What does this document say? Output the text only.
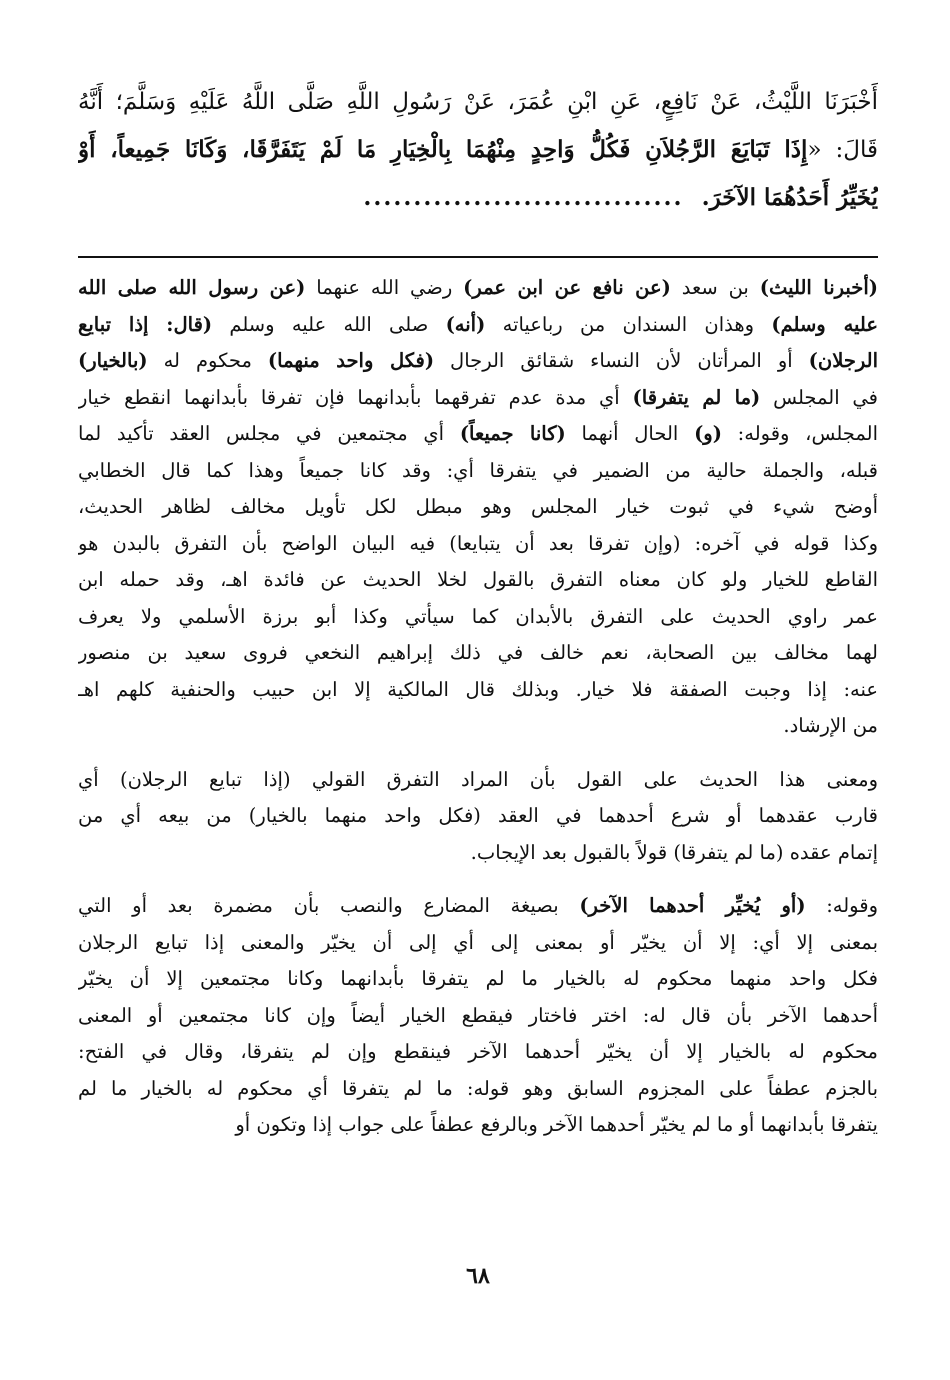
أَخْبَرَنَا اللَّيْثُ، عَنْ نَافِعٍ، عَنِ ابْنِ عُمَرَ، عَنْ رَسُولِ اللَّهِ صَلَّى اللَّهُ عَلَيْهِ وَسَلَّمَ؛ أَنَّهُ
قَالَ: «إِذَا تَبَايَعَ الرَّجُلاَنِ فَكُلُّ وَاحِدٍ مِنْهُمَا بِالْخِيَارِ مَا لَمْ يَتَفَرَّقَا، وَكَانَا جَمِيعاً، أَوْ
يُخَيِّرُ أَحَدُهُمَا الآخَرَ.................................
(أخبرنا الليث) بن سعد (عن نافع عن ابن عمر) رضي الله عنهما (عن رسول الله صلى الله
عليه وسلم) وهذان السندان من رباعياته (أنه) صلى الله عليه وسلم (قال: إذا تبايع
الرجلان) أو المرأتان لأن النساء شقائق الرجال (فكل واحد منهما) محكوم له (بالخيار)
في المجلس (ما لم يتفرقا) أي مدة عدم تفرقهما بأبدانهما فإن تفرقا بأبدانهما انقطع خيار
المجلس، وقوله: (و) الحال أنهما (كانا جميعاً) أي مجتمعين في مجلس العقد تأكيد لما
قبله، والجملة حالية من الضمير في يتفرقا أي: وقد كانا جميعاً وهذا كما قال الخطابي
أوضح شيء في ثبوت خيار المجلس وهو مبطل لكل تأويل مخالف لظاهر الحديث،
وكذا قوله في آخره: (وإن تفرقا بعد أن يتبايعا) فيه البيان الواضح بأن التفرق بالبدن هو
القاطع للخيار ولو كان معناه التفرق بالقول لخلا الحديث عن فائدة اهـ، وقد حمله ابن
عمر راوي الحديث على التفرق بالأبدان كما سيأتي وكذا أبو برزة الأسلمي ولا يعرف
لهما مخالف بين الصحابة، نعم خالف في ذلك إبراهيم النخعي فروى سعيد بن منصور
عنه: إذا وجبت الصفقة فلا خيار. وبذلك قال المالكية إلا ابن حبيب والحنفية كلهم اهـ
من الإرشاد.
ومعنى هذا الحديث على القول بأن المراد التفرق القولي (إذا تبايع الرجلان) أي
قارب عقدهما أو شرع أحدهما في العقد (فكل واحد منهما بالخيار) من بيعه أي من
إتمام عقده (ما لم يتفرقا) قولاً بالقبول بعد الإيجاب.
وقوله: (أو يُخيِّر أحدهما الآخر) بصيغة المضارع والنصب بأن مضمرة بعد أو التي
بمعنى إلا أي: إلا أن يخيّر أو بمعنى إلى أي إلى أن يخيّر والمعنى إذا تبايع الرجلان
فكل واحد منهما محكوم له بالخيار ما لم يتفرقا بأبدانهما وكانا مجتمعين إلا أن يخيّر
أحدهما الآخر بأن قال له: اختر فاختار فيقطع الخيار أيضاً وإن كانا مجتمعين أو المعنى
محكوم له بالخيار إلا أن يخيّر أحدهما الآخر فينقطع وإن لم يتفرقا، وقال في الفتح:
بالجزم عطفاً على المجزوم السابق وهو قوله: ما لم يتفرقا أي محكوم له بالخيار ما لم
يتفرقا بأبدانهما أو ما لم يخيّر أحدهما الآخر وبالرفع عطفاً على جواب إذا وتكون أو
٦٨
